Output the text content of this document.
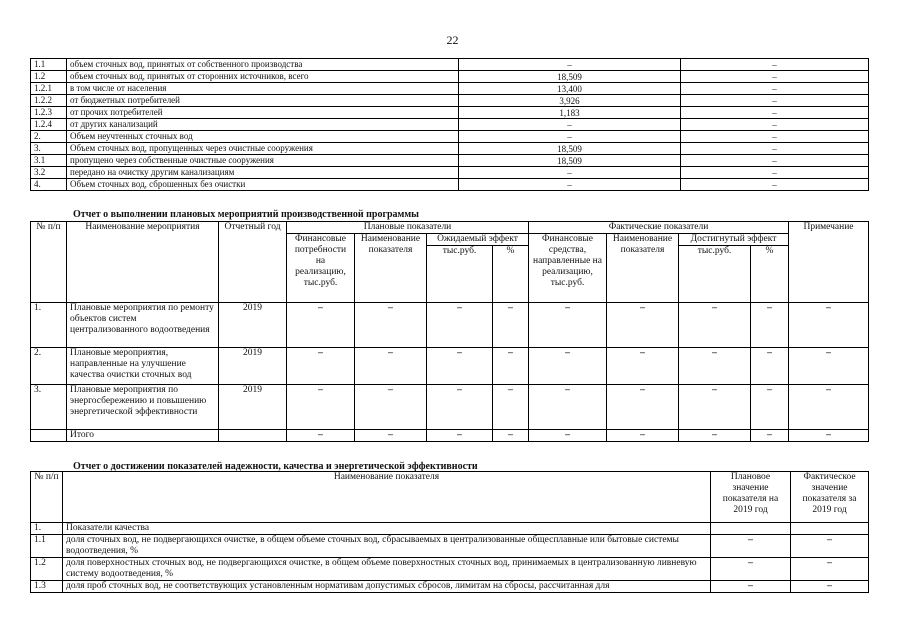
22
1.1	объем сточных вод, принятых от собственного производства	–	–
1.2	объем сточных вод, принятых от сторонних источников, всего	18,509	–
1.2.1	в том числе от населения	13,400	–
1.2.2	от бюджетных потребителей	3,926	–
1.2.3	от прочих потребителей	1,183	–
1.2.4	от других канализаций	–	–
2.	Объем неучтенных сточных вод	–	–
3.	Объем сточных вод, пропущенных через очистные сооружения	18,509	–
3.1	пропущено через собственные очистные сооружения	18,509	–
3.2	передано на очистку другим канализациям	–	–
4.	Объем сточных вод, сброшенных без очистки	–	–
Отчет о выполнении плановых мероприятий производственной программы
№ п/п	Наименование мероприятия	Отчетный год	Плановые показатели				Фактические показатели				Примечание
			Финансовые потребности на реализацию, тыс.руб.	Наименование показателя	Ожидаемый эффект		Финансовые средства, направленные на реализацию, тыс.руб.	Наименование показателя	Достигнутый эффект		
					тыс.руб.	%			тыс.руб.	%	
1.	Плановые мероприятия по ремонту объектов систем централизованного водоотведения	2019	–	–	–	–	–	–	–	–	–
2.	Плановые мероприятия, направленные на улучшение качества очистки сточных вод	2019	–	–	–	–	–	–	–	–	–
3.	Плановые мероприятия по энергосбережению и повышению энергетической эффективности	2019	–	–	–	–	–	–	–	–	–
	Итого		–	–	–	–	–	–	–	–	–
Отчет о достижении показателей надежности, качества и энергетической эффективности
№ п/п	Наименование показателя	Плановое значение показателя на 2019 год	Фактическое значение показателя за 2019 год
1.	Показатели качества		
1.1	доля сточных вод, не подвергающихся очистке, в общем объеме сточных вод, сбрасываемых в централизованные общесплавные или бытовые системы водоотведения, %	–	–
1.2	доля поверхностных сточных вод, не подвергающихся очистке, в общем объеме поверхностных сточных вод, принимаемых в централизованную ливневую систему водоотведения, %	–	–
1.3	доля проб сточных вод, не соответствующих установленным нормативам допустимых сбросов, лимитам на сбросы, рассчитанная для	–	–
